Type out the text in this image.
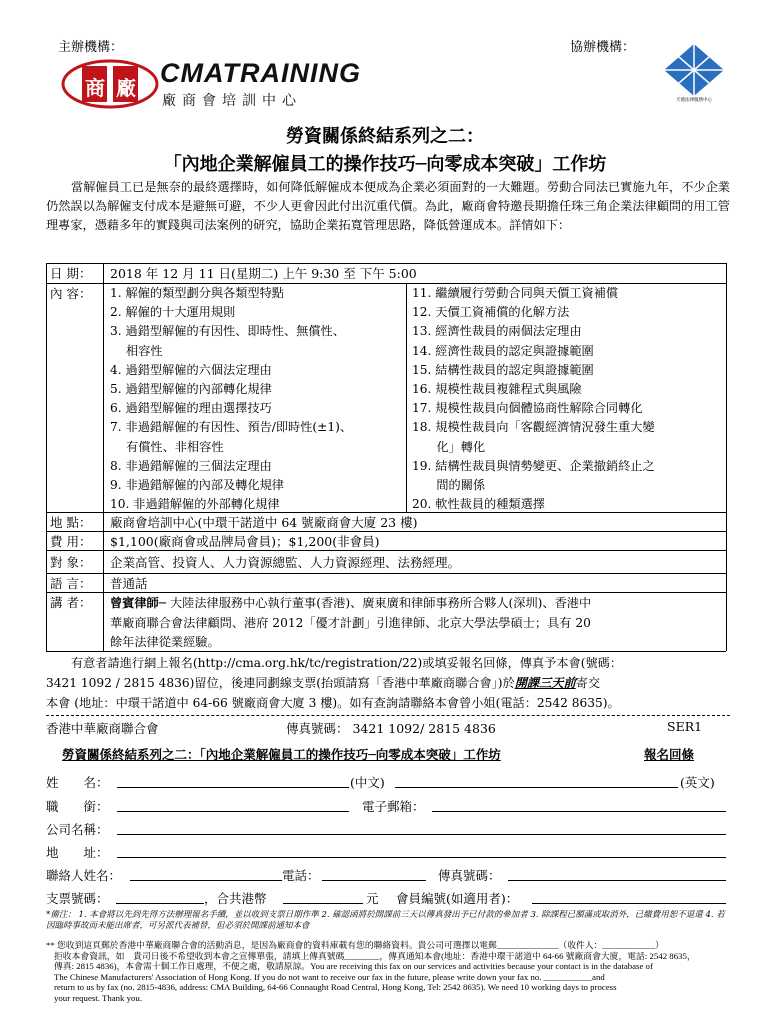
主辦機構：	協辦機構：
商 廠 CMATRAINING
廠商會培訓中心	天德法律服務中心
勞資關係終結系列之二：
「內地企業解僱員工的操作技巧─向零成本突破」工作坊
當解僱員工已是無奈的最終選擇時，如何降低解僱成本便成為企業必須面對的一大難題。勞動合同法已實施九年，不少企業仍然誤以為解僱支付成本是避無可避，不少人更會因此付出沉重代價。為此，廠商會特邀長期擔任珠三角企業法律顧問的用工管理專家，憑藉多年的實踐與司法案例的研究，協助企業拓寬管理思路，降低營運成本。詳情如下：
日 期： 2018 年 12 月 11 日(星期二) 上午 9:30 至 下午 5:00
內 容： 1. 解僱的類型劃分與各類型特點
2. 解僱的十大運用規則
3. 過錯型解僱的有因性、即時性、無償性、
　 相容性
4. 過錯型解僱的六個法定理由
5. 過錯型解僱的內部轉化規律
6. 過錯型解僱的理由選擇技巧
7. 非過錯解僱的有因性、預告/即時性(±1)、
　 有償性、非相容性
8. 非過錯解僱的三個法定理由
9. 非過錯解僱的內部及轉化規律
10. 非過錯解僱的外部轉化規律
11. 繼續履行勞動合同與天價工資補償
12. 天價工資補償的化解方法
13. 經濟性裁員的兩個法定理由
14. 經濟性裁員的認定與證據範圍
15. 結構性裁員的認定與證據範圍
16. 規模性裁員複雜程式與風險
17. 規模性裁員向個體協商性解除合同轉化
18. 規模性裁員向「客觀經濟情況發生重大變
　　化」轉化
19. 結構性裁員與情勢變更、企業撤銷終止之
　　間的關係
20. 軟性裁員的種類選擇
地 點： 廠商會培訓中心(中環干諾道中 64 號廠商會大廈 23 樓)
費 用： $1,100(廠商會或品牌局會員)；$1,200(非會員)
對 象： 企業高管、投資人、人力資源總監、人力資源經理、法務經理。
語 言： 普通話
講 者： 曾賓律師─ 大陸法律服務中心執行董事(香港)、廣東廣和律師事務所合夥人(深圳)、香港中
華廠商聯合會法律顧問、港府 2012「優才計劃」引進律師、北京大學法學碩士；具有 20
餘年法律從業經驗。
有意者請進行網上報名(http://cma.org.hk/tc/registration/22)或填妥報名回條，傳真予本會(號碼：
3421 1092 / 2815 4836)留位，後連同劃線支票(抬頭請寫「香港中華廠商聯合會」)於開課三天前寄交
本會 (地址：中環干諾道中 64-66 號廠商會大廈 3 樓)。如有查詢請聯絡本會曾小姐(電話：2542 8635)。
香港中華廠商聯合會	傳真號碼： 3421 1092/ 2815 4836	SER1
勞資關係終結系列之二：「內地企業解僱員工的操作技巧─向零成本突破」工作坊	報名回條
姓　　名：	(中文)	(英文)
職　　銜：	電子郵箱：
公司名稱：
地　　址：
聯絡人姓名：	電話：	傳真號碼：
支票號碼：	，合共港幣	元 會員編號(如適用者)：
*備注： 1. 本會將以先到先得方法辦理報名手續，並以收到支票日期作準 2. 確認函將於開課前三天以傳真發出予已付款的參加者 3. 除課程已額滿或取消外，已繳費用恕不退還 4. 若因臨時事故而未能出席者，可另派代表補替，但必須於開課前通知本會
** 您收到這頁郵於香港中華廠商聯合會的活動消息，是因為廠商會的資料庫載有您的聯絡資料。貴公司可選擇以電郵______________（收件人：____________）
拒收本會資訊，如　貴司日後不希望收到本會之宣傳單張，請填上傳真號碼________，傳真通知本會(地址：香港中環干諾道中 64-66 號廠商會大廈，電話: 2542 8635，
傳真: 2815 4836)，本會需十個工作日處理，不便之處，敬請原諒。You are receiving this fax on our services and activities because your contact is in the database of
The Chinese Manufacturers' Association of Hong Kong. If you do not want to receive our fax in the future, please write down your fax no. ___________and
return to us by fax (no. 2815-4836, address: CMA Building, 64-66 Connaught Road Central, Hong Kong, Tel: 2542 8635). We need 10 working days to process
your request. Thank you.
